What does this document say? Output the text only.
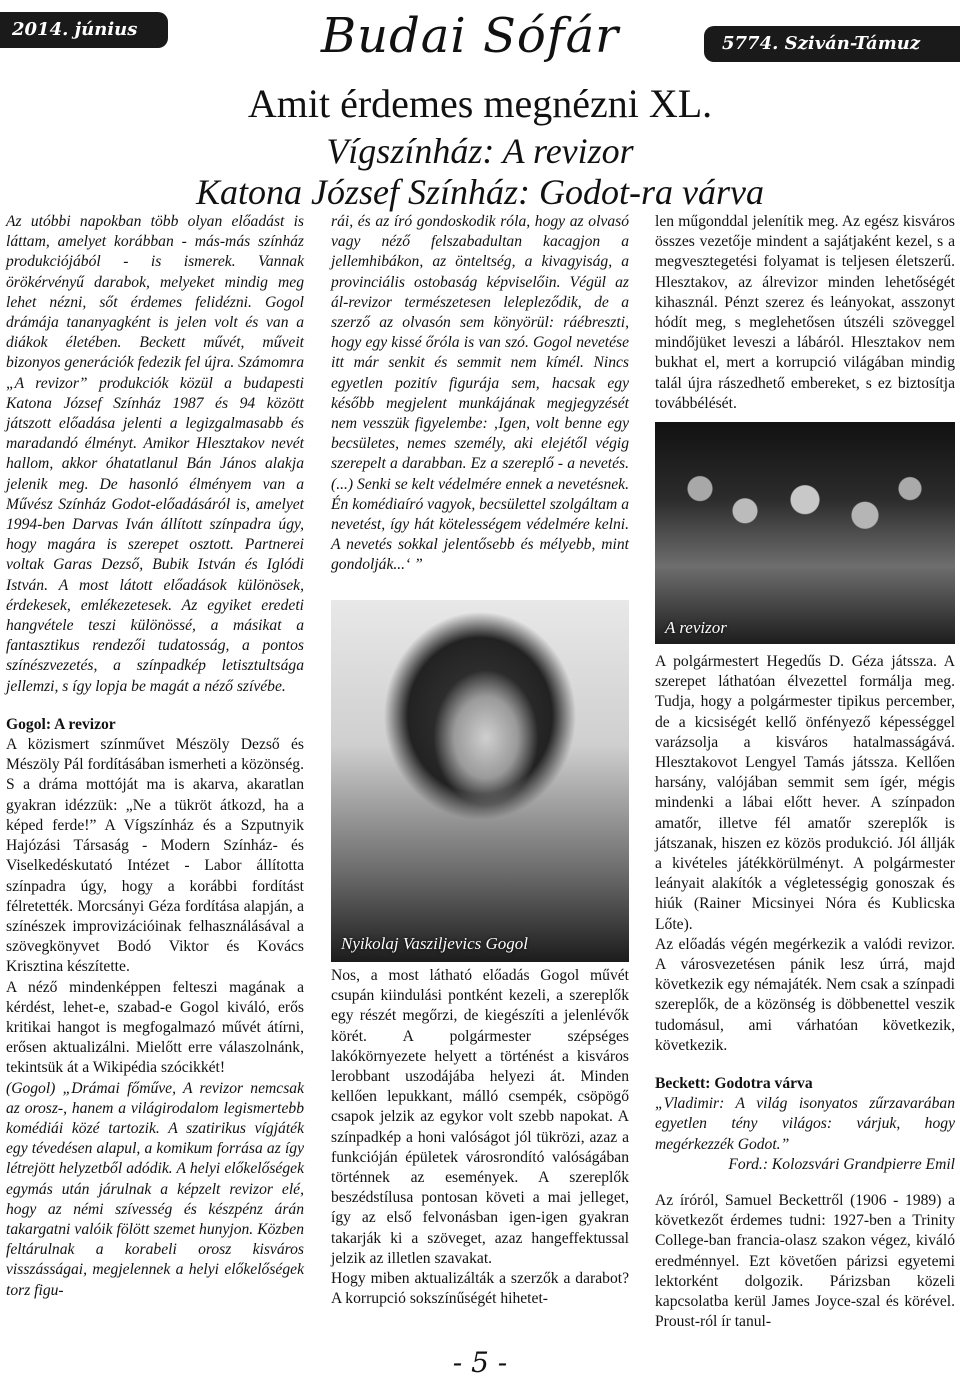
2014. június	Budai Sófár	5774. Sziván-Támuz
Amit érdemes megnézni XL.
Vígszínház: A revizor
Katona József Színház: Godot-ra várva

Az utóbbi napokban több olyan előadást is láttam, amelyet korábban - más-más színház produkciójából - is ismerek. Vannak örökérvényű darabok, melyeket mindig meg lehet nézni, sőt érdemes felidézni. Gogol drámája tananyagként is jelen volt és van a diákok életében. Beckett művét, műveit bizonyos generációk fedezik fel újra. Számomra „A revizor” produkciók közül a budapesti Katona József Színház 1987 és 94 között játszott előadása jelenti a legizgalmasabb és maradandó élményt. Amikor Hlesztakov nevét hallom, akkor óhatatlanul Bán János alakja jelenik meg. De hasonló élményem van a Művész Színház Godot-előadásáról is, amelyet 1994-ben Darvas Iván állított színpadra úgy, hogy magára is szerepet osztott. Partnerei voltak Garas Dezső, Bubik István és Iglódi István. A most látott előadások különösek, érdekesek, emlékezetesek. Az egyiket eredeti hangvétele teszi különössé, a másikat a fantasztikus rendezői tudatosság, a pontos színészvezetés, a színpadkép letisztultsága jellemzi, s így lopja be magát a néző szívébe.

Gogol: A revizor

A közismert színművet Mészöly Dezső és Mészöly Pál fordításában ismerheti a közönség. S a dráma mottóját ma is akarva, akaratlan gyakran idézzük: „Ne a tükröt átkozd, ha a képed ferde!” A Vígszínház és a Szputnyik Hajózási Társaság - Modern Színház- és Viselkedéskutató Intézet - Labor állította színpadra úgy, hogy a korábbi fordítást félretették. Morcsányi Géza fordítása alapján, a színészek improvizációinak felhasználásával a szövegkönyvet Bodó Viktor és Kovács Krisztina készítette.

A néző mindenképpen felteszi magának a kérdést, lehet-e, szabad-e Gogol kiváló, erős kritikai hangot is megfogalmazó művét átírni, erősen aktualizálni. Mielőtt erre válaszolnánk, tekintsük át a Wikipédia szócikkét!

(Gogol) „Drámai főműve, A revizor nemcsak az orosz-, hanem a világirodalom legismertebb komédiái közé tartozik. A szatirikus vígjáték egy tévedésen alapul, a komikum forrása az így létrejött helyzetből adódik. A helyi előkelőségek egymás után járulnak a képzelt revizor elé, hogy az némi szívesség és készpénz árán takargatni valóik fölött szemet hunyjon. Közben feltárulnak a korabeli orosz kisváros visszásságai, megjelennek a helyi előkelőségek torz figu-

rái, és az író gondoskodik róla, hogy az olvasó vagy néző felszabadultan kacagjon a jellemhibákon, az önteltség, a kivagyiság, a provinciális ostobaság képviselőin. Végül az ál-revizor természetesen lelepleződik, de a szerző az olvasón sem könyörül: ráébreszti, hogy egy kissé őróla is van szó. Gogol nevetése itt már senkit és semmit nem kímél. Nincs egyetlen pozitív figurája sem, hacsak egy később megjelent munkájának megjegyzését nem vesszük figyelembe: ‚Igen, volt benne egy becsületes, nemes személy, aki elejétől végig szerepelt a darabban. Ez a szereplő - a nevetés. (...) Senki se kelt védelmére ennek a nevetésnek. Én komédiaíró vagyok, becsülettel szolgáltam a nevetést, így hát kötelességem védelmére kelni. A nevetés sokkal jelentősebb és mélyebb, mint gondolják...‘ ”

Nyikolaj Vasziljevics Gogol

Nos, a most látható előadás Gogol művét csupán kiindulási pontként kezeli, a szereplők egy részét megőrzi, de kiegészíti a jelenlévők körét. A polgármester szépséges lakókörnyezete helyett a történést a kisváros lerobbant uszodájába helyezi át. Minden kellően lepukkant, málló csempék, csöpögő csapok jelzik az egykor volt szebb napokat. A színpadkép a honi valóságot jól tükrözi, azaz a funkcióján épületek városrondító valóságában történnek az események. A szereplők beszédstílusa pontosan követi a mai jelleget, így az első felvonásban igen-igen gyakran takarják ki a szöveget, azaz hangeffektussal jelzik az illetlen szavakat.

Hogy miben aktualizálták a szerzők a darabot? A korrupció sokszínűségét hihetet-

len műgonddal jelenítik meg. Az egész kisváros összes vezetője mindent a sajátjaként kezel, s a megvesztegetési folyamat is teljesen életszerű. Hlesztakov, az álrevizor minden lehetőségét kihasznál. Pénzt szerez és leányokat, asszonyt hódít meg, s meglehetősen útszéli szöveggel mindőjüket leveszi a lábáról. Hlesztakov nem bukhat el, mert a korrupció világában mindig talál újra rászedhető embereket, s ez biztosítja továbbélését.

A revizor

A polgármestert Hegedűs D. Géza játssza. A szerepet láthatóan élvezettel formálja meg. Tudja, hogy a polgármester tipikus percember, de a kicsiségét kellő önfényező képességgel varázsolja a kisváros hatalmasságává. Hlesztakovot Lengyel Tamás játssza. Kellően harsány, valójában semmit sem ígér, mégis mindenki a lábai előtt hever. A színpadon amatőr, illetve fél amatőr szereplők is játszanak, hiszen ez közös produkció. Jól állják a kivételes játékkörülményt. A polgármester leányait alakítók a végletességig gonoszak és hiúk (Rainer Micsinyei Nóra és Kublicska Lőte).

Az előadás végén megérkezik a valódi revizor. A városvezetésen pánik lesz úrrá, majd következik egy némajáték. Nem csak a színpadi szereplők, de a közönség is döbbenettel veszik tudomásul, ami várhatóan következik, következik.

Beckett: Godotra várva

„Vladimir: A világ isonyatos zűrzavarában egyetlen tény világos: várjuk, hogy megérkezzék Godot.”

Ford.: Kolozsvári Grandpierre Emil

Az íróról, Samuel Beckettről (1906 - 1989) a következőt érdemes tudni: 1927-ben a Trinity College-ban francia-olasz szakon végez, kiváló eredménnyel. Ezt követően párizsi egyetemi lektorként dolgozik. Párizsban közeli kapcsolatba kerül James Joyce-szal és körével. Proust-ról ír tanul-

- 5 -
